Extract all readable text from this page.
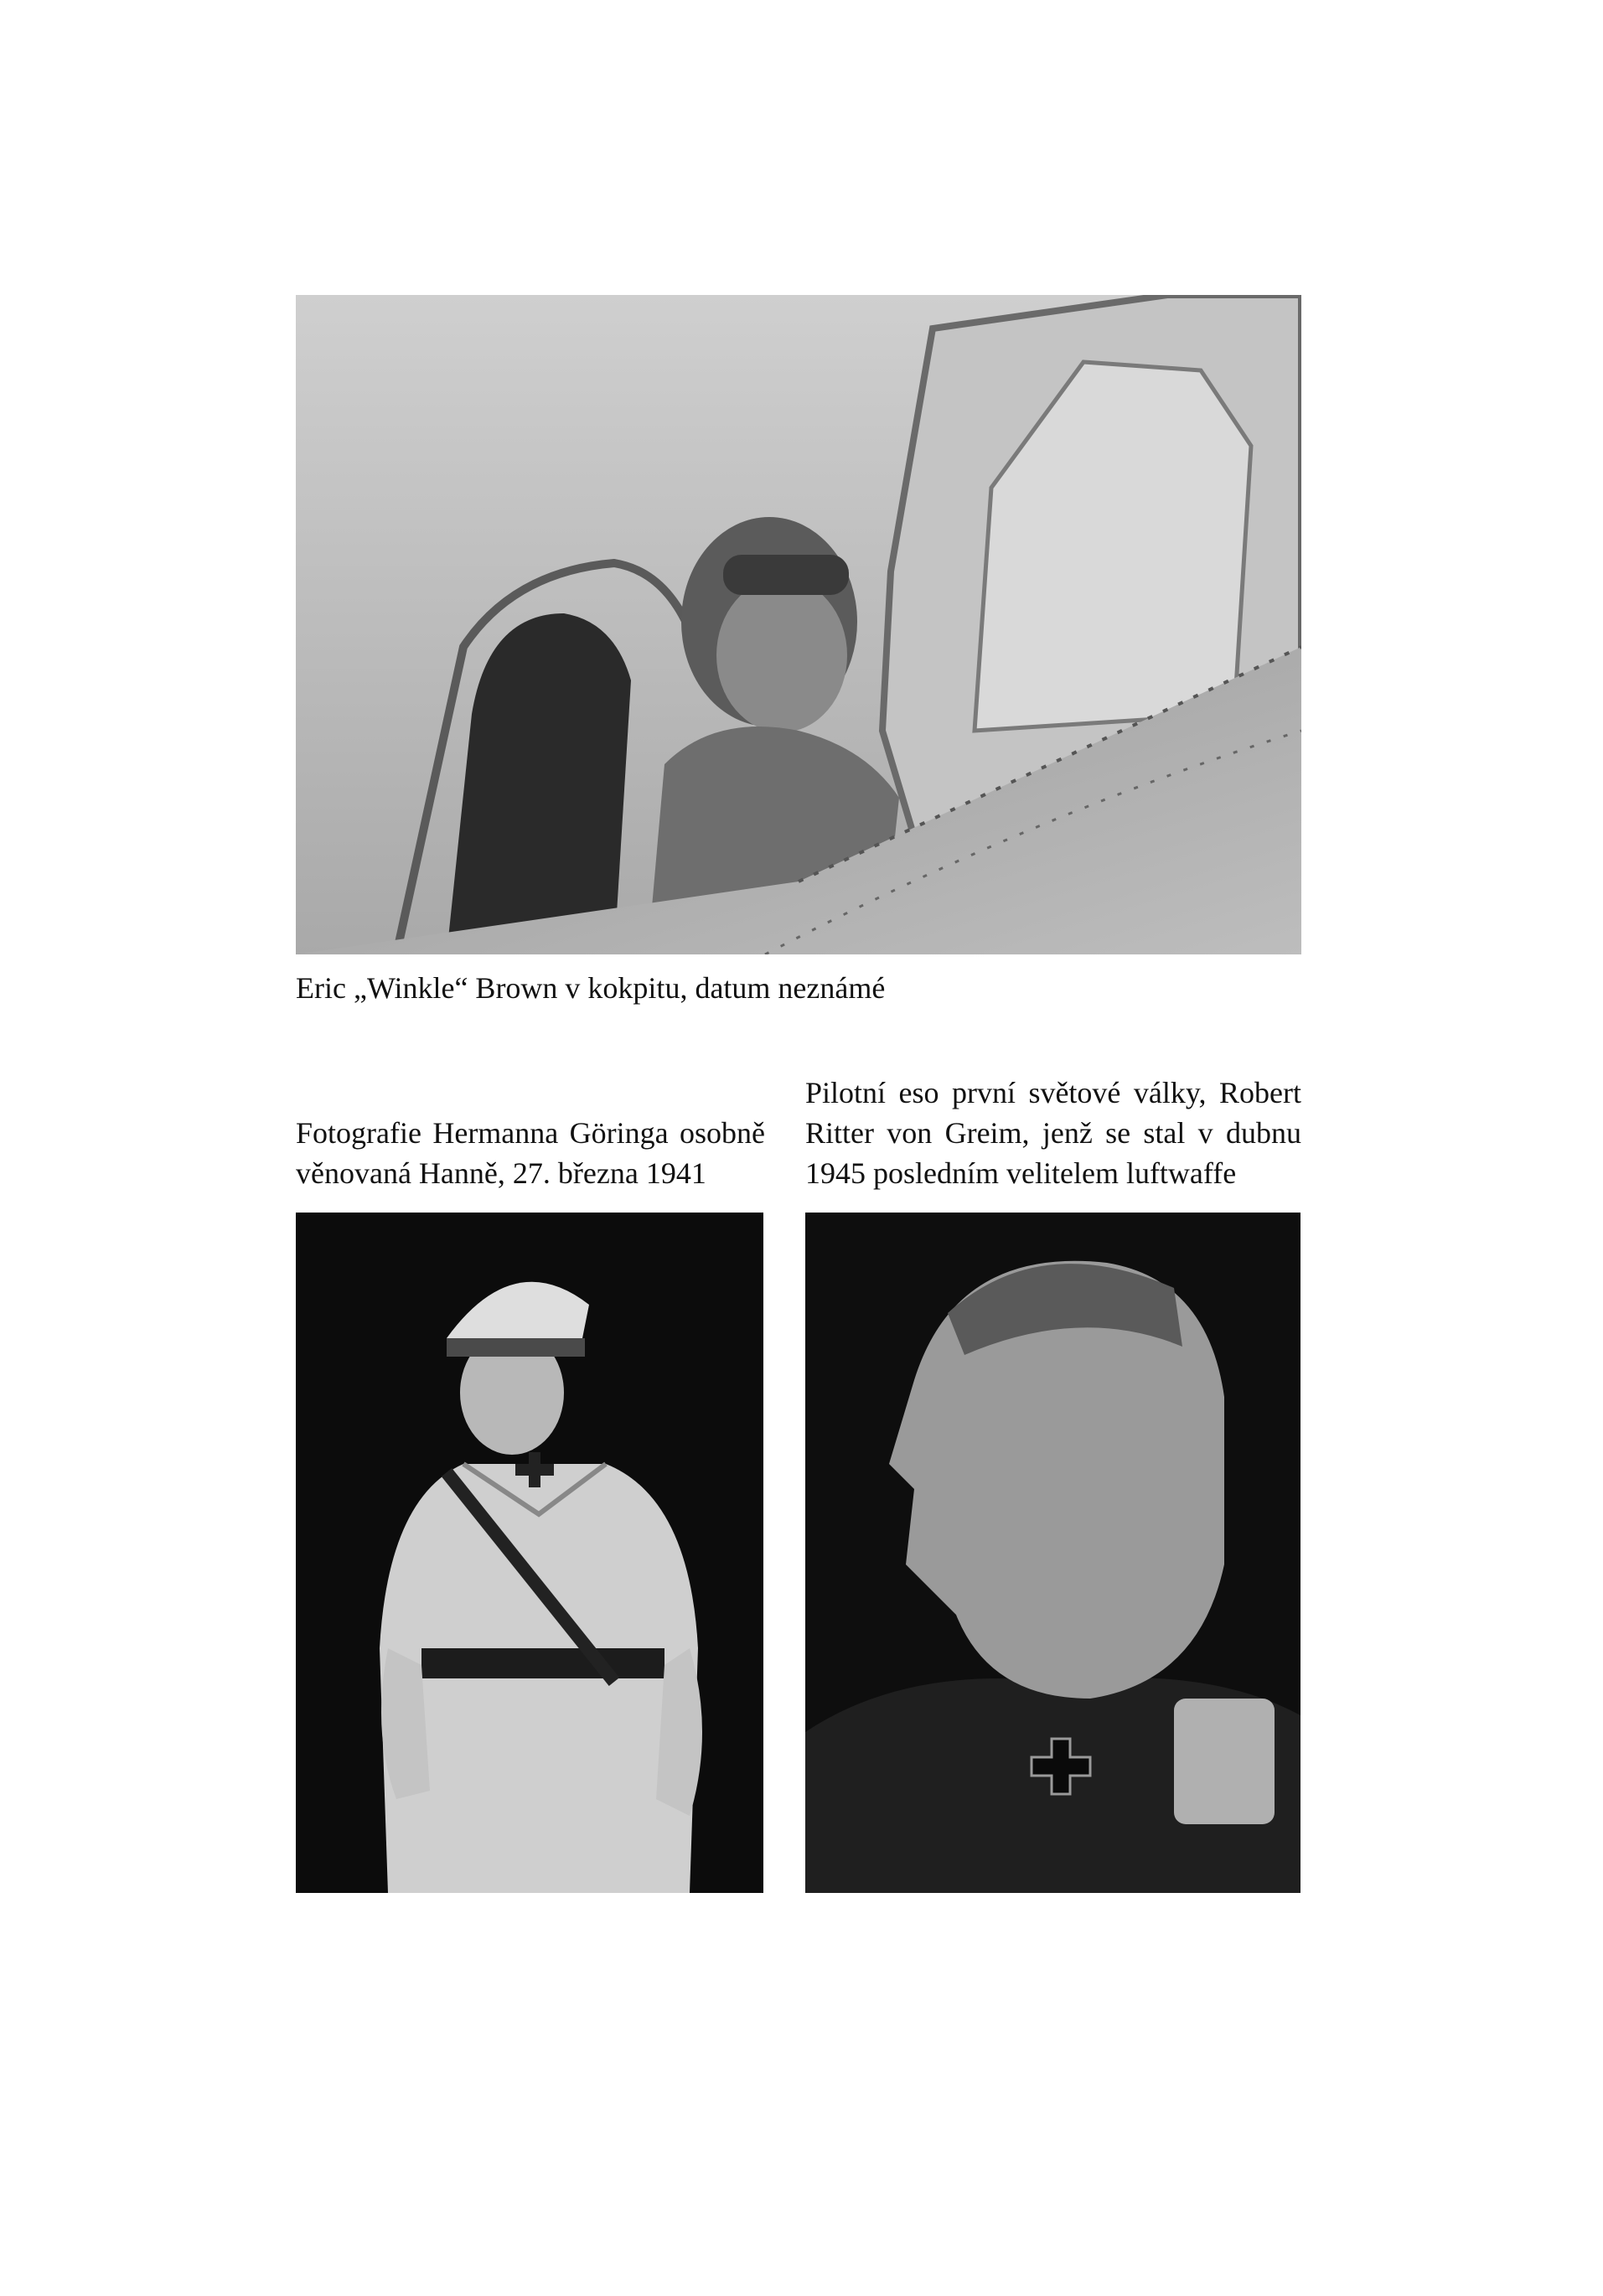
Eric „Winkle“ Brown v kokpitu, datum neznámé

Fotografie Hermanna Göringa osobně
věnovaná Hanně, 27. března 1941

Pilotní eso první světové války, Robert
Ritter von Greim, jenž se stal v dubnu
1945 posledním velitelem luftwaffe
